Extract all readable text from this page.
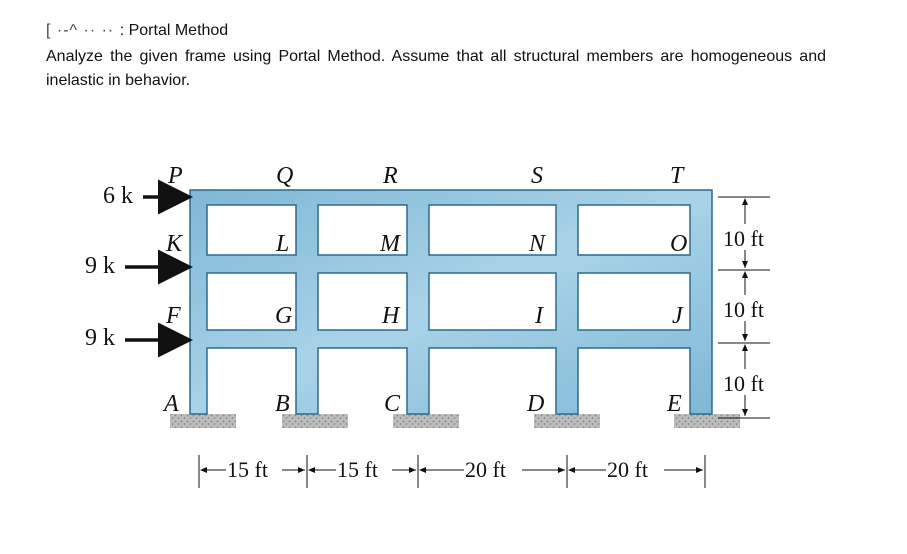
[ ·-^ ·· ·· : Portal Method
Analyze the given frame using Portal Method. Assume that all structural members are homogeneous and inelastic in behavior.
P	Q	R	S	T
K	L	M	N	O
F	G	H	I	J
A	B	C	D	E
6 k
9 k
9 k
10 ft
10 ft
10 ft
15 ft	15 ft	20 ft	20 ft
